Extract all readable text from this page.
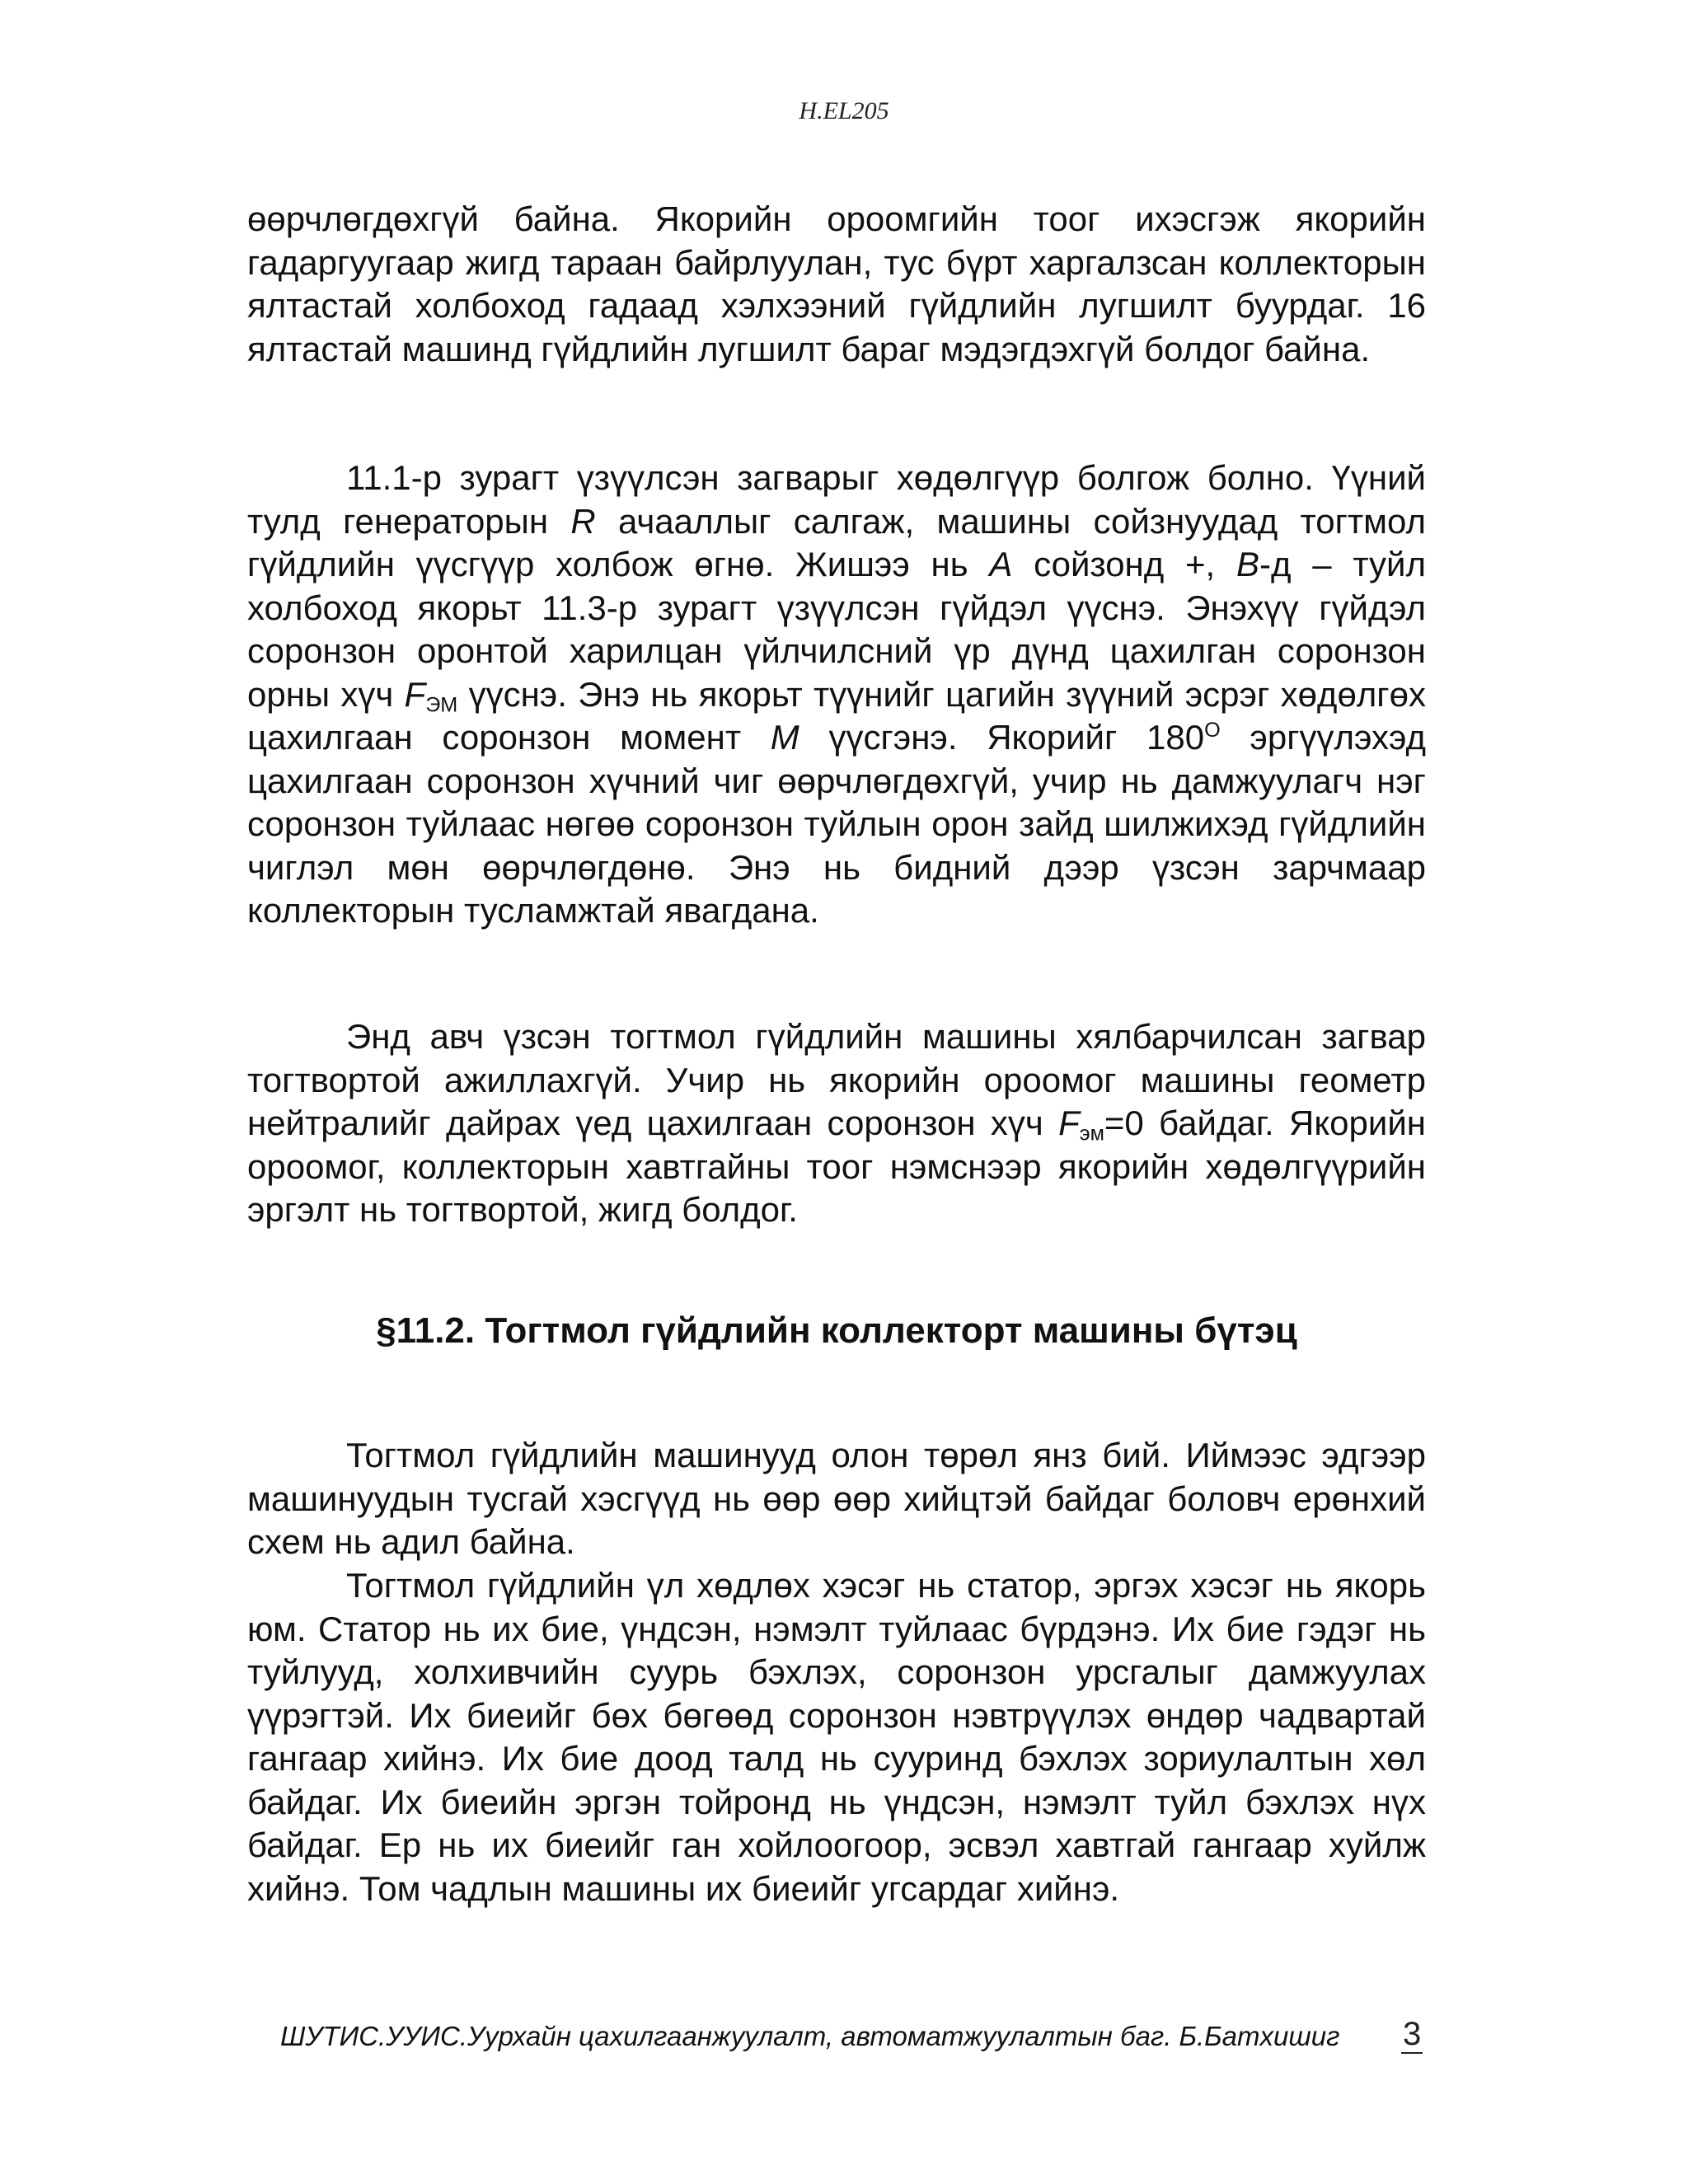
H.EL205

өөрчлөгдөхгүй байна. Якорийн ороомгийн тоог ихэсгэж якорийн гадаргуугаар жигд тараан байрлуулан, тус бүрт харгалзсан коллекторын ялтастай холбоход гадаад хэлхээний гүйдлийн лугшилт буурдаг. 16 ялтастай машинд гүйдлийн лугшилт бараг мэдэгдэхгүй болдог байна.

11.1-р зурагт үзүүлсэн загварыг хөдөлгүүр болгож болно. Үүний тулд генераторын R ачааллыг салгаж, машины сойзнуудад тогтмол гүйдлийн үүсгүүр холбож өгнө. Жишээ нь A сойзонд +, B-д – туйл холбоход якорьт 11.3-р зурагт үзүүлсэн гүйдэл үүснэ. Энэхүү гүйдэл соронзон оронтой харилцан үйлчилсний үр дүнд цахилган соронзон орны хүч $F_{ЭМ}$ үүснэ. Энэ нь якорьт түүнийг цагийн зүүний эсрэг хөдөлгөх цахилгаан соронзон момент M үүсгэнэ. Якорийг $180^О$ эргүүлэхэд цахилгаан соронзон хүчний чиг өөрчлөгдөхгүй, учир нь дамжуулагч нэг соронзон туйлаас нөгөө соронзон туйлын орон зайд шилжихэд гүйдлийн чиглэл мөн өөрчлөгдөнө. Энэ нь бидний дээр үзсэн зарчмаар коллекторын тусламжтай явагдана.

Энд авч үзсэн тогтмол гүйдлийн машины хялбарчилсан загвар тогтвортой ажиллахгүй. Учир нь якорийн ороомог машины геометр нейтралийг дайрах үед цахилгаан соронзон хүч $F_{эм}=0$ байдаг. Якорийн ороомог, коллекторын хавтгайны тоог нэмснээр якорийн хөдөлгүүрийн эргэлт нь тогтвортой, жигд болдог.

§11.2. Тогтмол гүйдлийн коллекторт машины бүтэц

Тогтмол гүйдлийн машинууд олон төрөл янз бий. Иймээс эдгээр машинуудын тусгай хэсгүүд нь өөр өөр хийцтэй байдаг боловч ерөнхий схем нь адил байна.

Тогтмол гүйдлийн үл хөдлөх хэсэг нь статор, эргэх хэсэг нь якорь юм. Статор нь их бие, үндсэн, нэмэлт туйлаас бүрдэнэ. Их бие гэдэг нь туйлууд, холхивчийн суурь бэхлэх, соронзон урсгалыг дамжуулах үүрэгтэй. Их биеийг бөх бөгөөд соронзон нэвтрүүлэх өндөр чадвартай гангаар хийнэ. Их бие доод талд нь сууринд бэхлэх зориулалтын хөл байдаг. Их биеийн эргэн тойронд нь үндсэн, нэмэлт туйл бэхлэх нүх байдаг. Ер нь их биеийг ган хойлоогоор, эсвэл хавтгай гангаар хуйлж хийнэ. Том чадлын машины их биеийг угсардаг хийнэ.

ШУТИС.УУИС.Уурхайн цахилгаанжуулалт, автоматжуулалтын баг. Б.Батхишиг 3
